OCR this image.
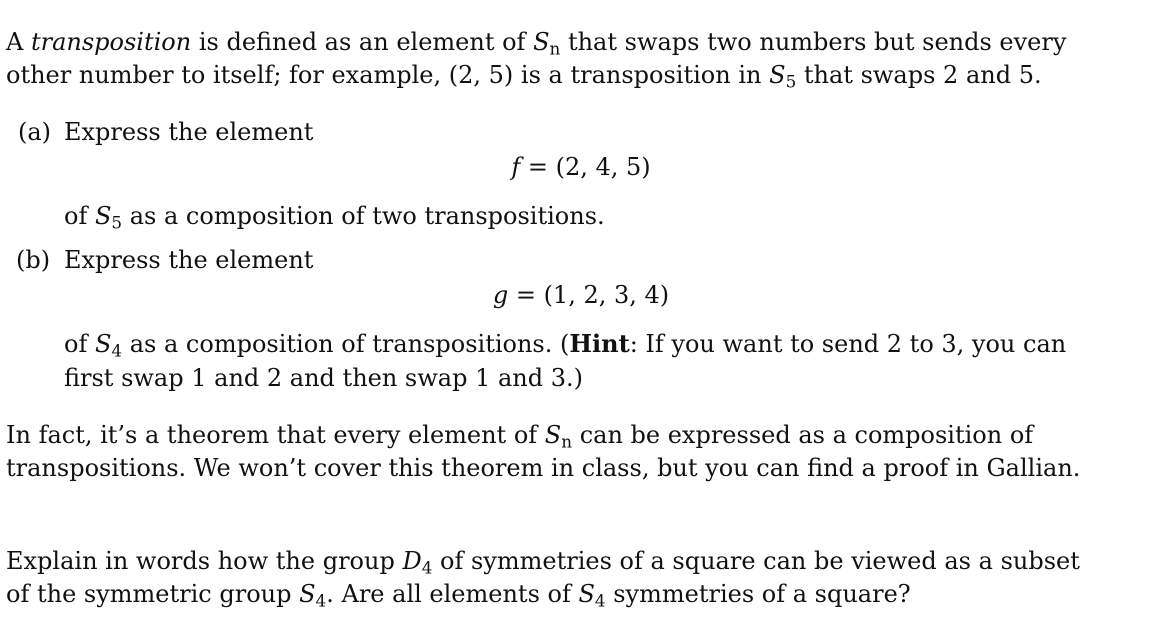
A transposition is defined as an element of $S_n$ that swaps two numbers but sends every
other number to itself; for example, (2, 5) is a transposition in $S_5$ that swaps 2 and 5.
(a) Express the element
f = (2, 4, 5)
of $S_5$ as a composition of two transpositions.
(b) Express the element
g = (1, 2, 3, 4)
of $S_4$ as a composition of transpositions. (Hint: If you want to send 2 to 3, you can
first swap 1 and 2 and then swap 1 and 3.)
In fact, it’s a theorem that every element of $S_n$ can be expressed as a composition of
transpositions. We won’t cover this theorem in class, but you can find a proof in Gallian.
Explain in words how the group $D_4$ of symmetries of a square can be viewed as a subset
of the symmetric group $S_4$. Are all elements of $S_4$ symmetries of a square?
